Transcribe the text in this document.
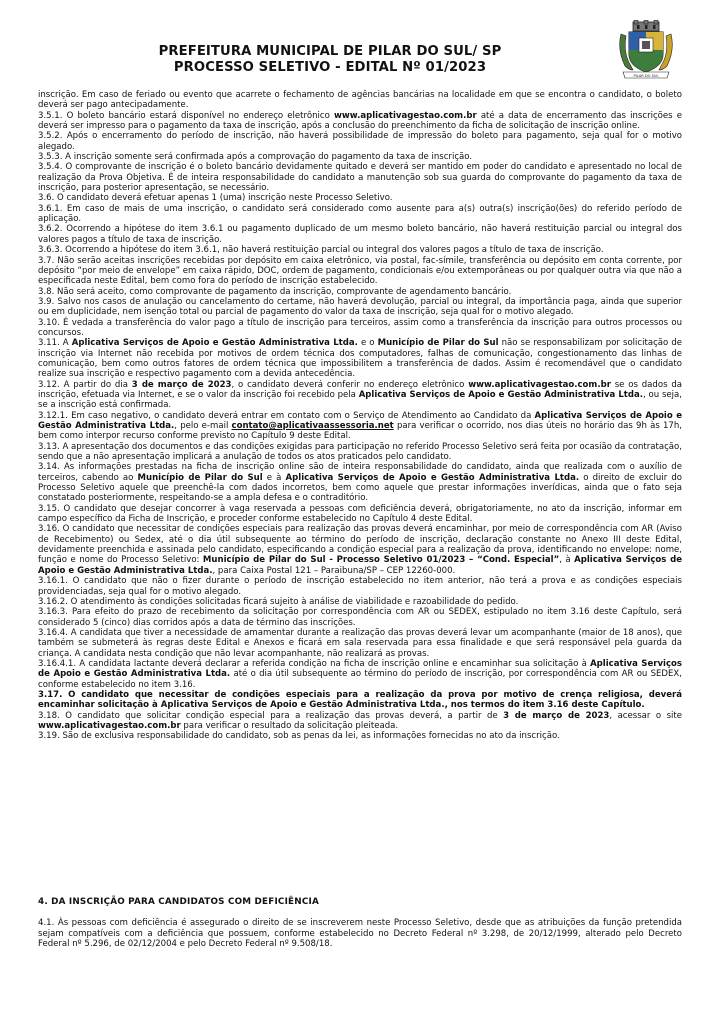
PREFEITURA MUNICIPAL DE PILAR DO SUL/ SP
PROCESSO SELETIVO - EDITAL Nº 01/2023
PILAR DO SUL

inscrição. Em caso de feriado ou evento que acarrete o fechamento de agências bancárias na localidade em que se encontra o candidato, o boleto deverá ser pago antecipadamente.

3.5.1. O boleto bancário estará disponível no endereço eletrônico www.aplicativagestao.com.br até a data de encerramento das inscrições e deverá ser impresso para o pagamento da taxa de inscrição, após a conclusão do preenchimento da ficha de solicitação de inscrição online.

3.5.2. Após o encerramento do período de inscrição, não haverá possibilidade de impressão do boleto para pagamento, seja qual for o motivo alegado.

3.5.3. A inscrição somente será confirmada após a comprovação do pagamento da taxa de inscrição.

3.5.4. O comprovante de inscrição é o boleto bancário devidamente quitado e deverá ser mantido em poder do candidato e apresentado no local de realização da Prova Objetiva. É de inteira responsabilidade do candidato a manutenção sob sua guarda do comprovante do pagamento da taxa de inscrição, para posterior apresentação, se necessário.

3.6. O candidato deverá efetuar apenas 1 (uma) inscrição neste Processo Seletivo.

3.6.1. Em caso de mais de uma inscrição, o candidato será considerado como ausente para a(s) outra(s) inscrição(ões) do referido período de aplicação.

3.6.2. Ocorrendo a hipótese do item 3.6.1 ou pagamento duplicado de um mesmo boleto bancário, não haverá restituição parcial ou integral dos valores pagos a título de taxa de inscrição.

3.6.3. Ocorrendo a hipótese do item 3.6.1, não haverá restituição parcial ou integral dos valores pagos a título de taxa de inscrição.

3.7. Não serão aceitas inscrições recebidas por depósito em caixa eletrônico, via postal, fac-símile, transferência ou depósito em conta corrente, por depósito “por meio de envelope” em caixa rápido, DOC, ordem de pagamento, condicionais e/ou extemporâneas ou por qualquer outra via que não a especificada neste Edital, bem como fora do período de inscrição estabelecido.

3.8. Não será aceito, como comprovante de pagamento da inscrição, comprovante de agendamento bancário.

3.9. Salvo nos casos de anulação ou cancelamento do certame, não haverá devolução, parcial ou integral, da importância paga, ainda que superior ou em duplicidade, nem isenção total ou parcial de pagamento do valor da taxa de inscrição, seja qual for o motivo alegado.

3.10. É vedada a transferência do valor pago a título de inscrição para terceiros, assim como a transferência da inscrição para outros processos ou concursos.

3.11. A Aplicativa Serviços de Apoio e Gestão Administrativa Ltda. e o Município de Pilar do Sul não se responsabilizam por solicitação de inscrição via Internet não recebida por motivos de ordem técnica dos computadores, falhas de comunicação, congestionamento das linhas de comunicação, bem como outros fatores de ordem técnica que impossibilitem a transferência de dados. Assim é recomendável que o candidato realize sua inscrição e respectivo pagamento com a devida antecedência.

3.12. A partir do dia 3 de março de 2023, o candidato deverá conferir no endereço eletrônico www.aplicativagestao.com.br se os dados da inscrição, efetuada via Internet, e se o valor da inscrição foi recebido pela Aplicativa Serviços de Apoio e Gestão Administrativa Ltda., ou seja, se a inscrição está confirmada.

3.12.1. Em caso negativo, o candidato deverá entrar em contato com o Serviço de Atendimento ao Candidato da Aplicativa Serviços de Apoio e Gestão Administrativa Ltda., pelo e-mail contato@aplicativaassessoria.net para verificar o ocorrido, nos dias úteis no horário das 9h às 17h, bem como interpor recurso conforme previsto no Capítulo 9 deste Edital.

3.13. A apresentação dos documentos e das condições exigidas para participação no referido Processo Seletivo será feita por ocasião da contratação, sendo que a não apresentação implicará a anulação de todos os atos praticados pelo candidato.

3.14. As informações prestadas na ficha de inscrição online são de inteira responsabilidade do candidato, ainda que realizada com o auxílio de terceiros, cabendo ao Município de Pilar do Sul e à Aplicativa Serviços de Apoio e Gestão Administrativa Ltda. o direito de excluir do Processo Seletivo aquele que preenchê-la com dados incorretos, bem como aquele que prestar informações inverídicas, ainda que o fato seja constatado posteriormente, respeitando-se a ampla defesa e o contraditório.

3.15. O candidato que desejar concorrer à vaga reservada a pessoas com deficiência deverá, obrigatoriamente, no ato da inscrição, informar em campo específico da Ficha de Inscrição, e proceder conforme estabelecido no Capítulo 4 deste Edital.

3.16. O candidato que necessitar de condições especiais para realização das provas deverá encaminhar, por meio de correspondência com AR (Aviso de Recebimento) ou Sedex, até o dia útil subsequente ao término do período de inscrição, declaração constante no Anexo III deste Edital, devidamente preenchida e assinada pelo candidato, especificando a condição especial para a realização da prova, identificando no envelope: nome, função e nome do Processo Seletivo: Município de Pilar do Sul - Processo Seletivo 01/2023 – “Cond. Especial”, à Aplicativa Serviços de Apoio e Gestão Administrativa Ltda., para Caixa Postal 121 – Paraibuna/SP – CEP 12260-000.

3.16.1. O candidato que não o fizer durante o período de inscrição estabelecido no item anterior, não terá a prova e as condições especiais providenciadas, seja qual for o motivo alegado.

3.16.2. O atendimento às condições solicitadas ficará sujeito à análise de viabilidade e razoabilidade do pedido.

3.16.3. Para efeito do prazo de recebimento da solicitação por correspondência com AR ou SEDEX, estipulado no item 3.16 deste Capítulo, será considerado 5 (cinco) dias corridos após a data de término das inscrições.

3.16.4. A candidata que tiver a necessidade de amamentar durante a realização das provas deverá levar um acompanhante (maior de 18 anos), que também se submeterá às regras deste Edital e Anexos e ficará em sala reservada para essa finalidade e que será responsável pela guarda da criança. A candidata nesta condição que não levar acompanhante, não realizará as provas.

3.16.4.1. A candidata lactante deverá declarar a referida condição na ficha de inscrição online e encaminhar sua solicitação à Aplicativa Serviços de Apoio e Gestão Administrativa Ltda. até o dia útil subsequente ao término do período de inscrição, por correspondência com AR ou SEDEX, conforme estabelecido no item 3.16.

3.17. O candidato que necessitar de condições especiais para a realização da prova por motivo de crença religiosa, deverá encaminhar solicitação à Aplicativa Serviços de Apoio e Gestão Administrativa Ltda., nos termos do item 3.16 deste Capítulo.

3.18. O candidato que solicitar condição especial para a realização das provas deverá, a partir de 3 de março de 2023, acessar o site www.aplicativagestao.com.br para verificar o resultado da solicitação pleiteada.

3.19. São de exclusiva responsabilidade do candidato, sob as penas da lei, as informações fornecidas no ato da inscrição.

4. DA INSCRIÇÃO PARA CANDIDATOS COM DEFICIÊNCIA

4.1. Às pessoas com deficiência é assegurado o direito de se inscreverem neste Processo Seletivo, desde que as atribuições da função pretendida sejam compatíveis com a deficiência que possuem, conforme estabelecido no Decreto Federal nº 3.298, de 20/12/1999, alterado pelo Decreto Federal nº 5.296, de 02/12/2004 e pelo Decreto Federal nº 9.508/18.
